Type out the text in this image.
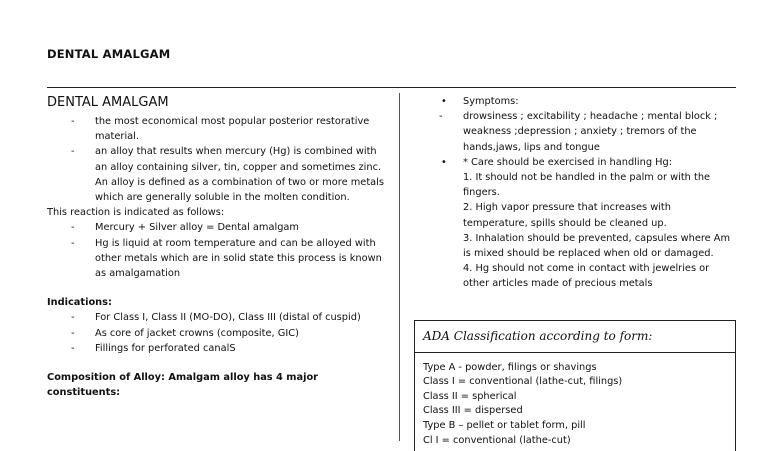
DENTAL AMALGAM
DENTAL AMALGAM
- the most economical most popular posterior restorative material.
- an alloy that results when mercury (Hg) is combined with an alloy containing silver, tin, copper and sometimes zinc. An alloy is defined as a combination of two or more metals which are generally soluble in the molten condition.
This reaction is indicated as follows:
- Mercury + Silver alloy = Dental amalgam
- Hg is liquid at room temperature and can be alloyed with other metals which are in solid state this process is known as amalgamation
Indications:
- For Class I, Class II (MO-DO), Class III (distal of cuspid)
- As core of jacket crowns (composite, GIC)
- Fillings for perforated canalS
Composition of Alloy: Amalgam alloy has 4 major constituents:
• Symptoms:
- drowsiness ; excitability ; headache ; mental block ; weakness ;depression ; anxiety ; tremors of the hands,jaws, lips and tongue
• * Care should be exercised in handling Hg:
1. It should not be handled in the palm or with the fingers.
2. High vapor pressure that increases with temperature, spills should be cleaned up.
3. Inhalation should be prevented, capsules where Am is mixed should be replaced when old or damaged.
4. Hg should not come in contact with jewelries or other articles made of precious metals
ADA Classification according to form:
Type A - powder, filings or shavings
Class I = conventional (lathe-cut, filings)
Class II = spherical
Class III = dispersed
Type B – pellet or tablet form, pill
Cl I = conventional (lathe-cut)
